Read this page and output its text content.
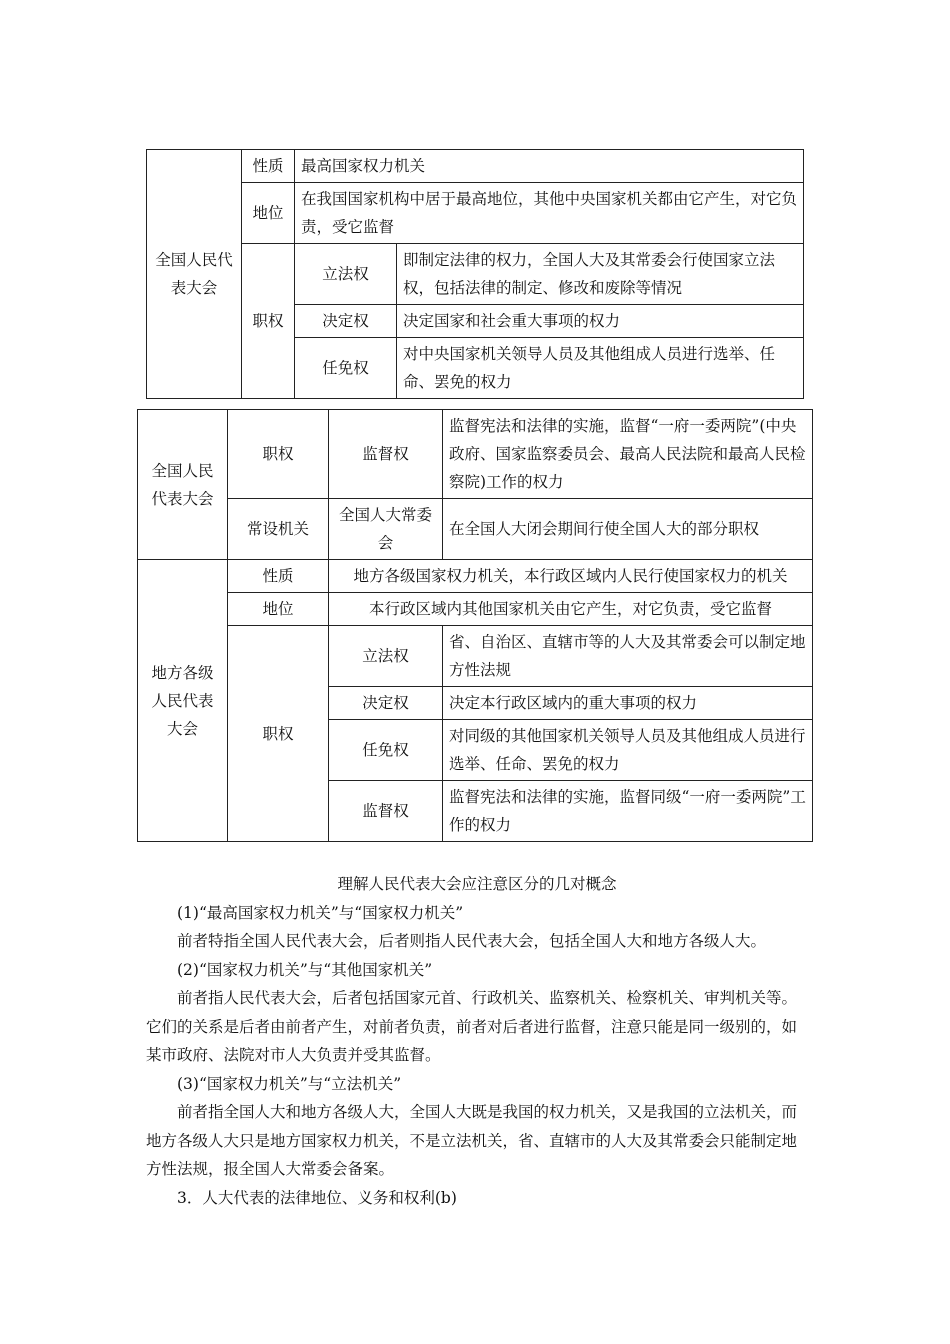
全国人民代表大会	性质	最高国家权力机关	
	地位	在我国国家机构中居于最高地位，其他中央国家机关都由它产生，对它负责，受它监督	
	职权	立法权	即制定法律的权力，全国人大及其常委会行使国家立法权，包括法律的制定、修改和废除等情况
		决定权	决定国家和社会重大事项的权力
		任免权	对中央国家机关领导人员及其他组成人员进行选举、任命、罢免的权力
全国人民代表大会	职权	监督权	监督宪法和法律的实施，监督“一府一委两院”(中央政府、国家监察委员会、最高人民法院和最高人民检察院)工作的权力
	常设机关	全国人大常委会	在全国人大闭会期间行使全国人大的部分职权
地方各级人民代表大会	性质	地方各级国家权力机关，本行政区域内人民行使国家权力的机关	
	地位	本行政区域内其他国家机关由它产生，对它负责，受它监督	
	职权	立法权	省、自治区、直辖市等的人大及其常委会可以制定地方性法规
		决定权	决定本行政区域内的重大事项的权力
		任免权	对同级的其他国家机关领导人员及其他组成人员进行选举、任命、罢免的权力
		监督权	监督宪法和法律的实施，监督同级“一府一委两院”工作的权力

理解人民代表大会应注意区分的几对概念

(1)“最高国家权力机关”与“国家权力机关”

前者特指全国人民代表大会，后者则指人民代表大会，包括全国人大和地方各级人大。

(2)“国家权力机关”与“其他国家机关”

前者指人民代表大会，后者包括国家元首、行政机关、监察机关、检察机关、审判机关等。它们的关系是后者由前者产生，对前者负责，前者对后者进行监督，注意只能是同一级别的，如某市政府、法院对市人大负责并受其监督。

(3)“国家权力机关”与“立法机关”

前者指全国人大和地方各级人大，全国人大既是我国的权力机关，又是我国的立法机关，而地方各级人大只是地方国家权力机关，不是立法机关，省、直辖市的人大及其常委会只能制定地方性法规，报全国人大常委会备案。

3．人大代表的法律地位、义务和权利(b)
